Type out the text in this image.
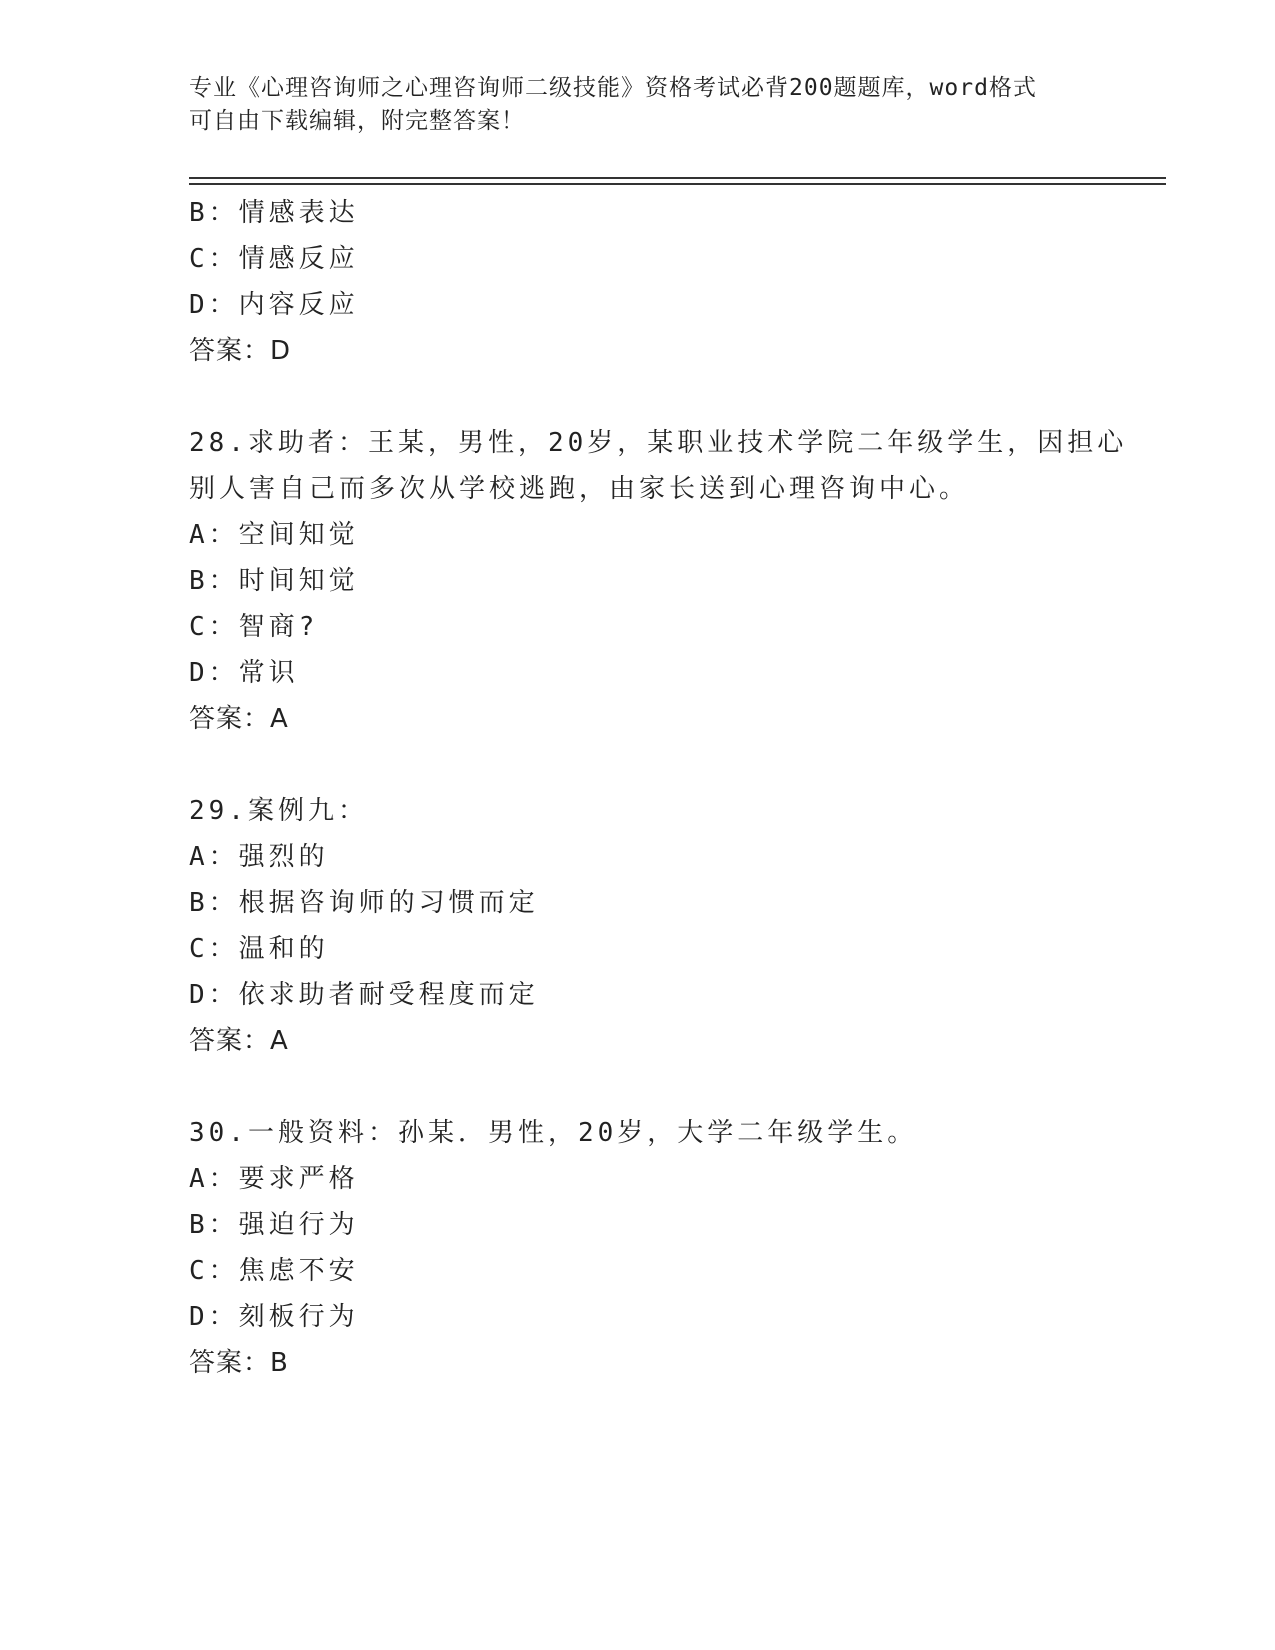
专业《心理咨询师之心理咨询师二级技能》资格考试必背200题题库，word格式
可自由下载编辑，附完整答案！
B：情感表达
C：情感反应
D：内容反应
答案：D
28.求助者：王某，男性，20岁，某职业技术学院二年级学生，因担心
别人害自己而多次从学校逃跑，由家长送到心理咨询中心。
A：空间知觉
B：时间知觉
C：智商?
D：常识
答案：A
29.案例九：
A：强烈的
B：根据咨询师的习惯而定
C：温和的
D：依求助者耐受程度而定
答案：A
30.一般资料：孙某．男性，20岁，大学二年级学生。
A：要求严格
B：强迫行为
C：焦虑不安
D：刻板行为
答案：B
